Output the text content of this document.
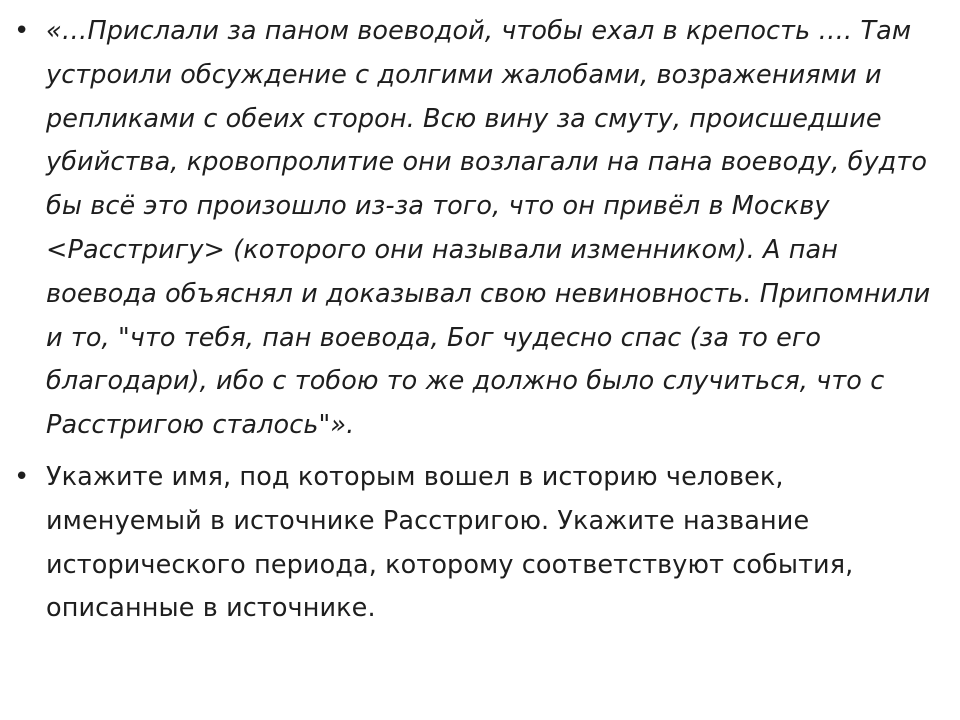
• «…Прислали за паном воеводой, чтобы ехал в крепость …. Там устроили обсуждение с долгими жалобами, возражениями и репликами с обеих сторон. Всю вину за смуту, происшедшие убийства, кровопролитие они возлагали на пана воеводу, будто бы всё это произошло из-за того, что он привёл в Москву <Расстригу> (которого они называли изменником). А пан воевода объяснял и доказывал свою невиновность. Припомнили и то, "что тебя, пан воевода, Бог чудесно спас (за то его благодари), ибо с тобою то же должно было случиться, что с Расстригою сталось"».
• Укажите имя, под которым вошел в историю человек, именуемый в источнике Расстригою. Укажите название исторического периода, которому соответствуют события, описанные в источнике.
